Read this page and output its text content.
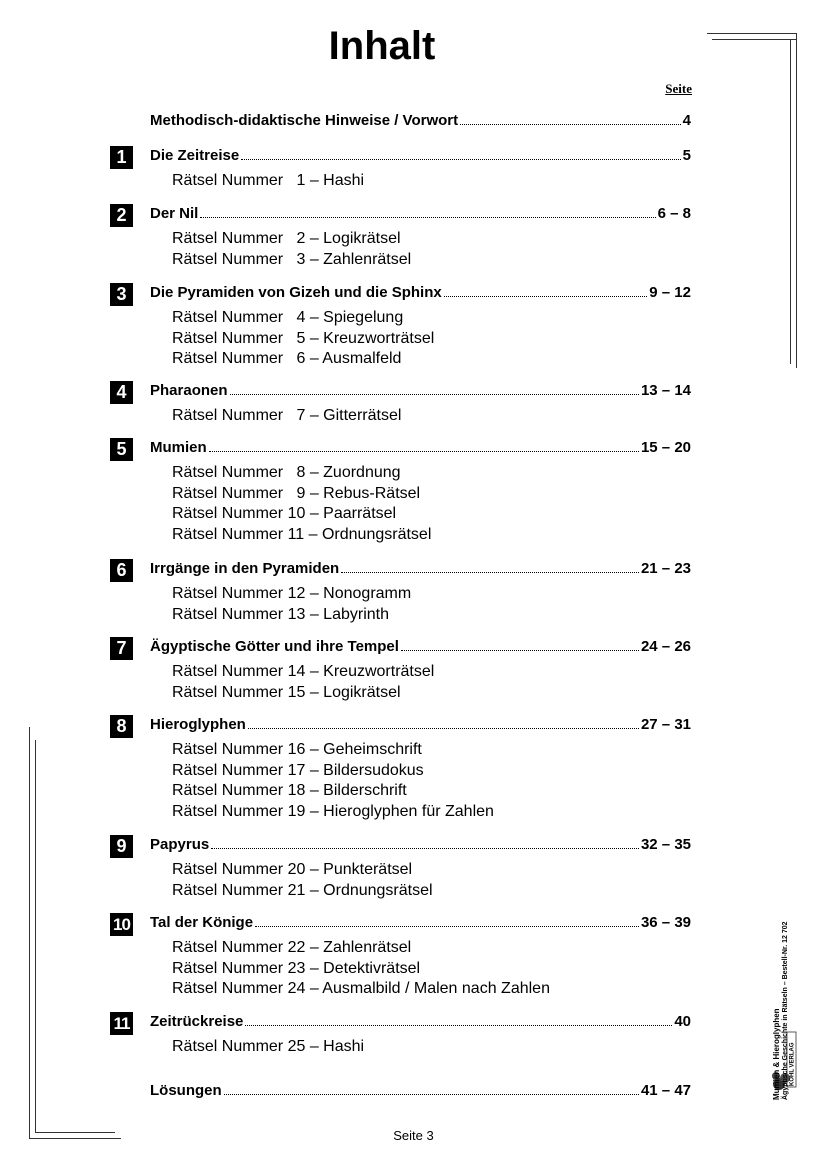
Inhalt
Seite
Methodisch-didaktische Hinweise / Vorwort	4
1	Die Zeitreise	5
Rätsel Nummer   1 – Hashi
2	Der Nil	6 – 8
Rätsel Nummer   2 – Logikrätsel
Rätsel Nummer   3 – Zahlenrätsel
3	Die Pyramiden von Gizeh und die Sphinx	9 – 12
Rätsel Nummer   4 – Spiegelung
Rätsel Nummer   5 – Kreuzworträtsel
Rätsel Nummer   6 – Ausmalfeld
4	Pharaonen	13 – 14
Rätsel Nummer   7 – Gitterrätsel
5	Mumien	15 – 20
Rätsel Nummer   8 – Zuordnung
Rätsel Nummer   9 – Rebus-Rätsel
Rätsel Nummer 10 – Paarrätsel
Rätsel Nummer 11 – Ordnungsrätsel
6	Irrgänge in den Pyramiden	21 – 23
Rätsel Nummer 12 – Nonogramm
Rätsel Nummer 13 – Labyrinth
7	Ägyptische Götter und ihre Tempel	24 – 26
Rätsel Nummer 14 – Kreuzworträtsel
Rätsel Nummer 15 – Logikrätsel
8	Hieroglyphen	27 – 31
Rätsel Nummer 16 – Geheimschrift
Rätsel Nummer 17 – Bildersudokus
Rätsel Nummer 18 – Bilderschrift
Rätsel Nummer 19 – Hieroglyphen für Zahlen
9	Papyrus	32 – 35
Rätsel Nummer 20 – Punkterätsel
Rätsel Nummer 21 – Ordnungsrätsel
10 Tal der Könige	36 – 39
Rätsel Nummer 22 – Zahlenrätsel
Rätsel Nummer 23 – Detektivrätsel
Rätsel Nummer 24 – Ausmalbild / Malen nach Zahlen
11 Zeitrückreise	40
Rätsel Nummer 25 – Hashi
Lösungen	41 – 47
Seite 3
KOHL VERLAG
Mumien & Hieroglyphen Ägyptische Geschichte in Rätseln – Bestell-Nr. 12 702
